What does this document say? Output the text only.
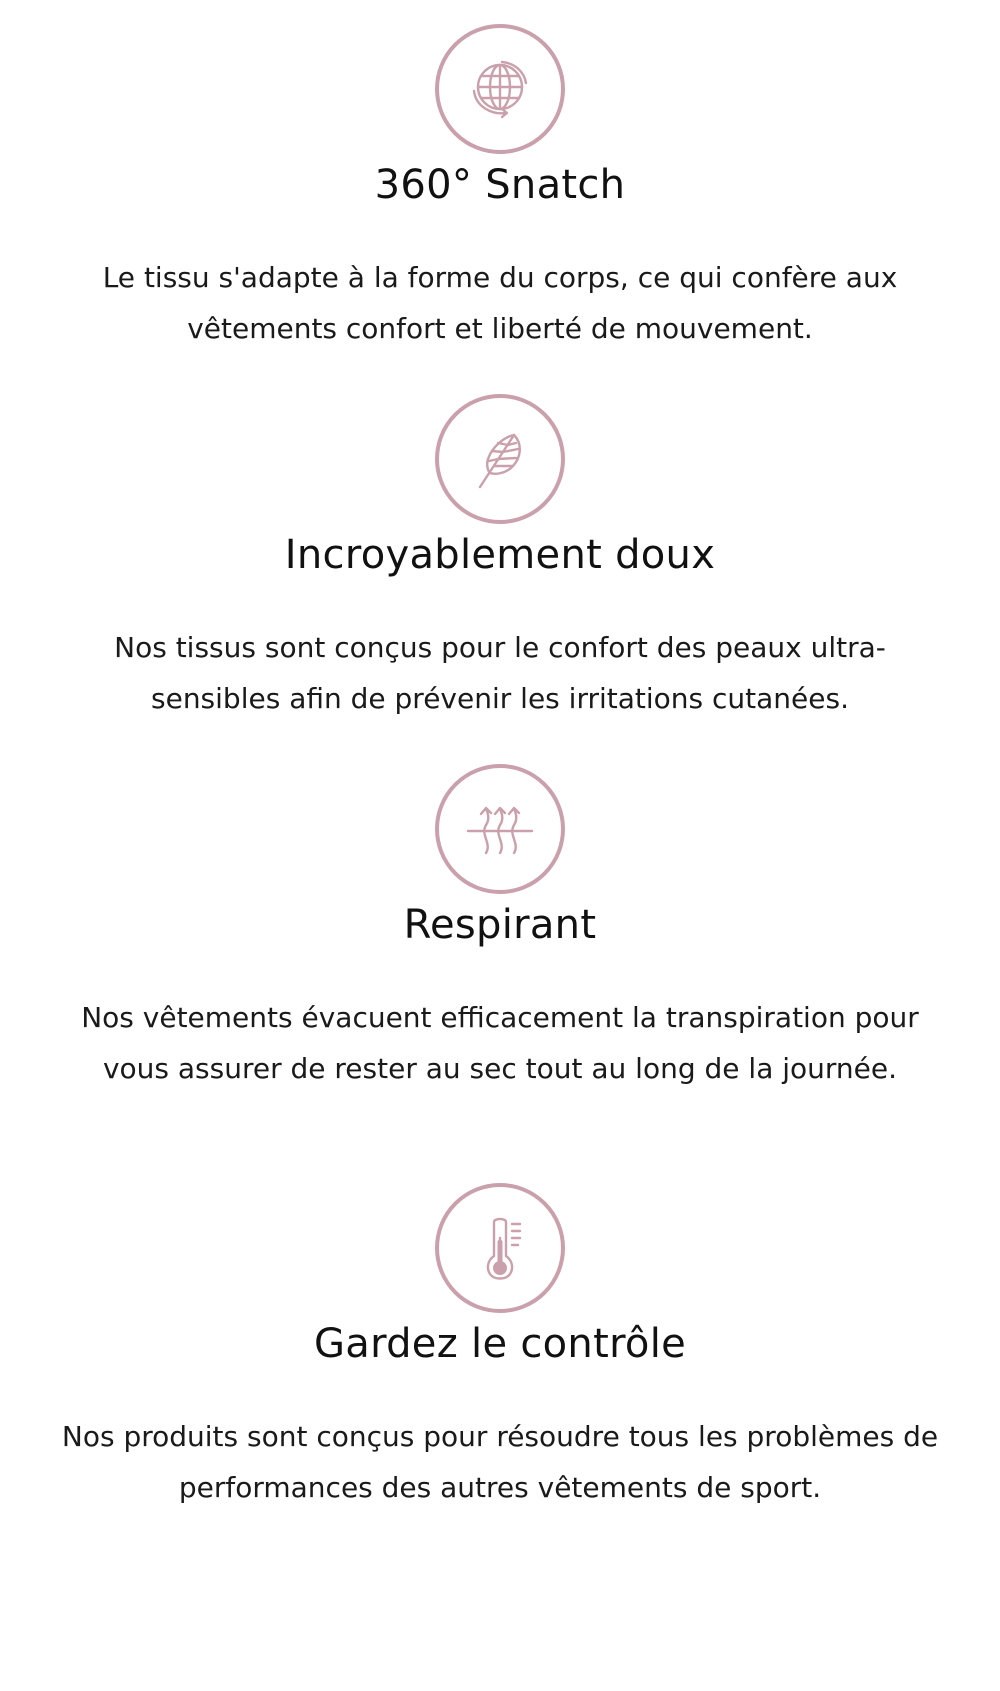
360° Snatch

Le tissu s'adapte à la forme du corps, ce qui confère aux vêtements confort et liberté de mouvement.

Incroyablement doux

Nos tissus sont conçus pour le confort des peaux ultra-sensibles afin de prévenir les irritations cutanées.

Respirant

Nos vêtements évacuent efficacement la transpiration pour vous assurer de rester au sec tout au long de la journée.

Gardez le contrôle

Nos produits sont conçus pour résoudre tous les problèmes de performances des autres vêtements de sport.
